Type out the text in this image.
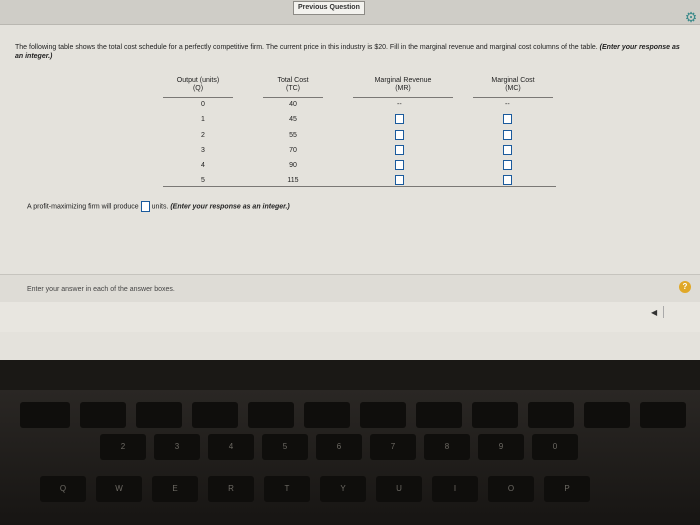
Previous Question
⚙
The following table shows the total cost schedule for a perfectly competitive firm. The current price in this industry is $20. Fill in the marginal revenue and marginal cost columns of the table. (Enter your response as an integer.)
Output (units)
(Q)
Total Cost
(TC)
Marginal Revenue
(MR)
Marginal Cost
(MC)
0	40	--	--
1	45
2	55
3	70
4	90
5	115
A profit-maximizing firm will produce units. (Enter your response as an integer.)
Enter your answer in each of the answer boxes.	?
◀
2	3	4	5	6	7	8	9	0
Q	W	E	R	T	Y	U	I	O	P
